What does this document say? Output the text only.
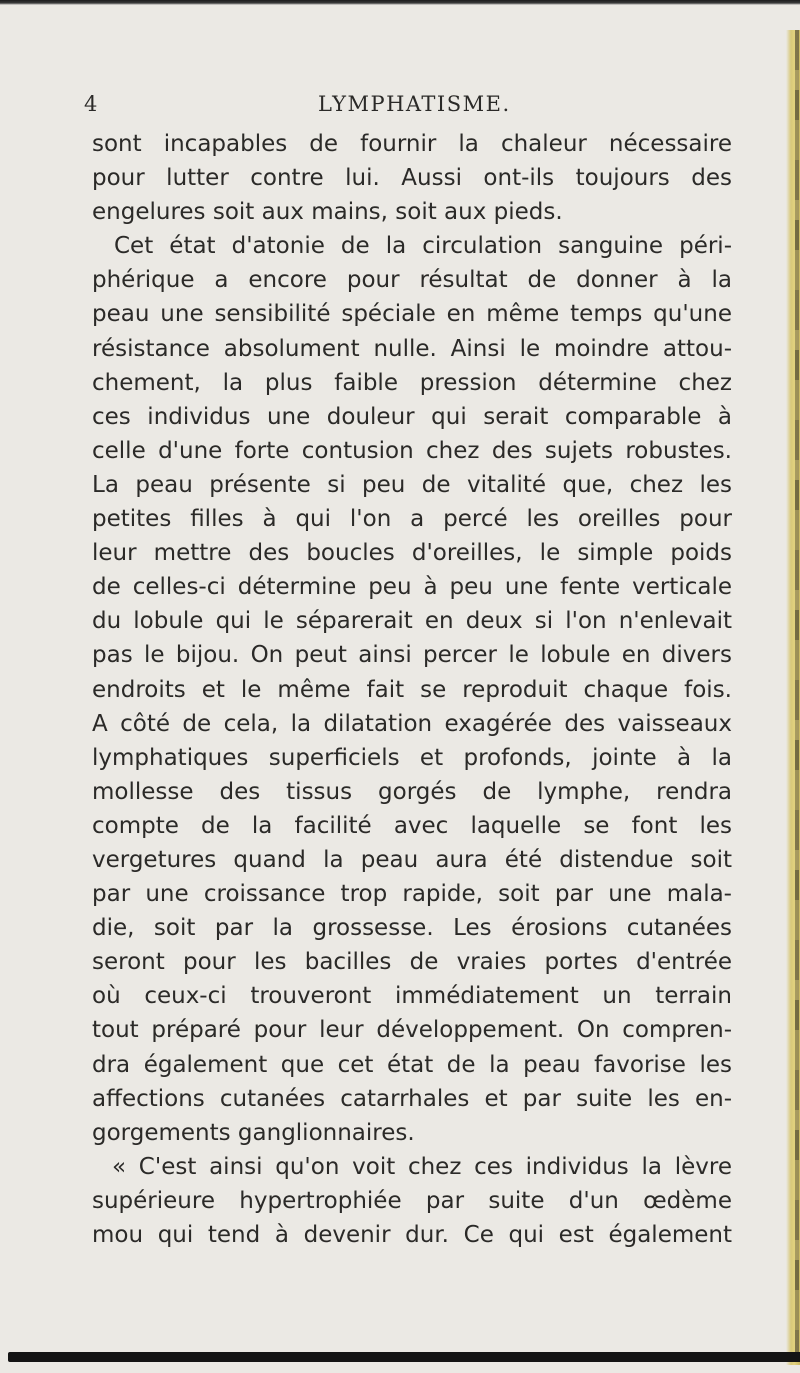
4	LYMPHATISME.
sont incapables de fournir la chaleur nécessaire
pour lutter contre lui. Aussi ont-ils toujours des
engelures soit aux mains, soit aux pieds.
Cet état d'atonie de la circulation sanguine péri-
phérique a encore pour résultat de donner à la
peau une sensibilité spéciale en même temps qu'une
résistance absolument nulle. Ainsi le moindre attou-
chement, la plus faible pression détermine chez
ces individus une douleur qui serait comparable à
celle d'une forte contusion chez des sujets robustes.
La peau présente si peu de vitalité que, chez les
petites filles à qui l'on a percé les oreilles pour
leur mettre des boucles d'oreilles, le simple poids
de celles-ci détermine peu à peu une fente verticale
du lobule qui le séparerait en deux si l'on n'enlevait
pas le bijou. On peut ainsi percer le lobule en divers
endroits et le même fait se reproduit chaque fois.
A côté de cela, la dilatation exagérée des vaisseaux
lymphatiques superficiels et profonds, jointe à la
mollesse des tissus gorgés de lymphe, rendra
compte de la facilité avec laquelle se font les
vergetures quand la peau aura été distendue soit
par une croissance trop rapide, soit par une mala-
die, soit par la grossesse. Les érosions cutanées
seront pour les bacilles de vraies portes d'entrée
où ceux-ci trouveront immédiatement un terrain
tout préparé pour leur développement. On compren-
dra également que cet état de la peau favorise les
affections cutanées catarrhales et par suite les en-
gorgements ganglionnaires.
« C'est ainsi qu'on voit chez ces individus la lèvre
supérieure hypertrophiée par suite d'un œdème
mou qui tend à devenir dur. Ce qui est également
